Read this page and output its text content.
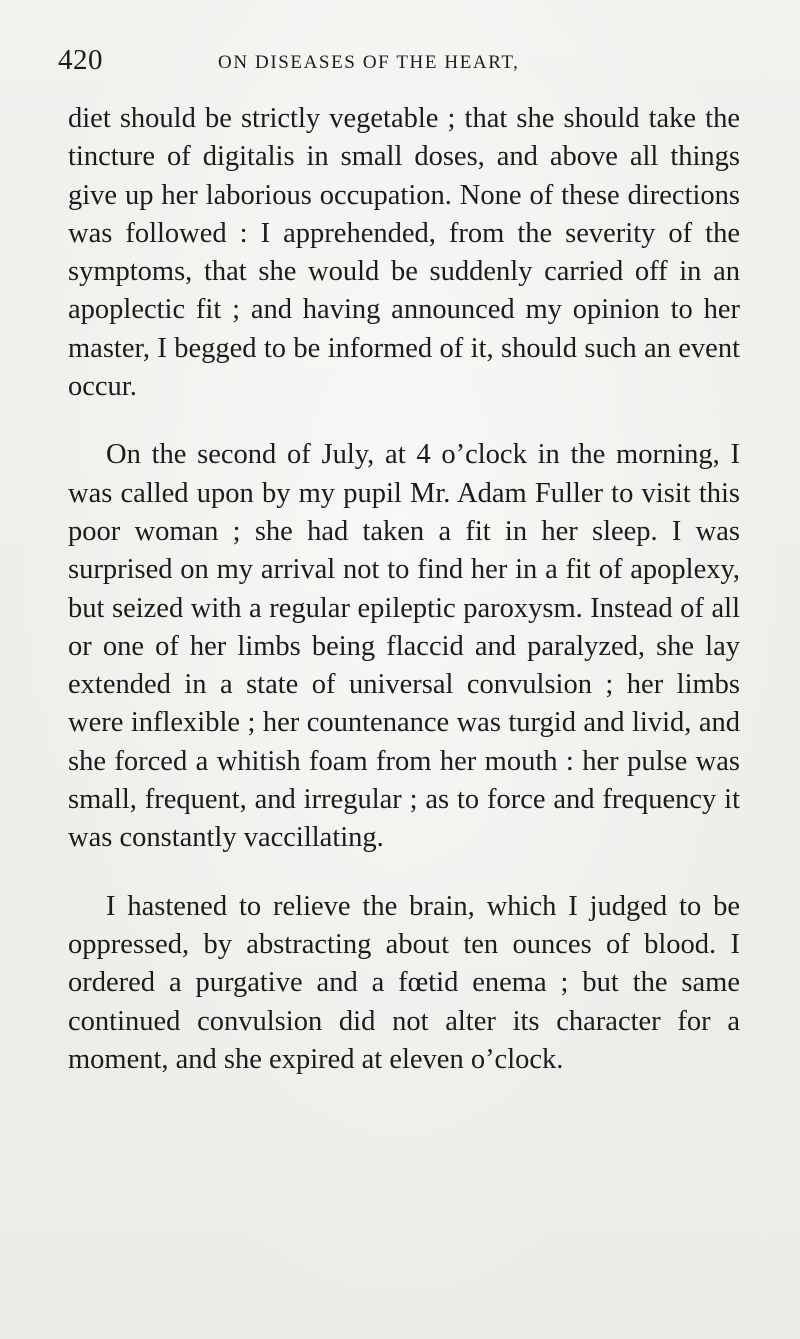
420	ON DISEASES OF THE HEART,

diet should be strictly vegetable ; that she should take the tincture of digitalis in small doses, and above all things give up her laborious occupation. None of these directions was followed : I apprehended, from the severity of the symptoms, that she would be suddenly carried off in an apoplectic fit ; and having announced my opinion to her master, I begged to be informed of it, should such an event occur.

On the second of July, at 4 o’clock in the morning, I was called upon by my pupil Mr. Adam Fuller to visit this poor woman ; she had taken a fit in her sleep. I was surprised on my arrival not to find her in a fit of apoplexy, but seized with a regular epileptic paroxysm. Instead of all or one of her limbs being flaccid and paralyzed, she lay extended in a state of universal convulsion ; her limbs were inflexible ; her countenance was turgid and livid, and she forced a whitish foam from her mouth : her pulse was small, frequent, and irregular ; as to force and frequency it was constantly vaccillating.

I hastened to relieve the brain, which I judged to be oppressed, by abstracting about ten ounces of blood. I ordered a purgative and a fœtid enema ; but the same continued convulsion did not alter its character for a moment, and she expired at eleven o’clock.
